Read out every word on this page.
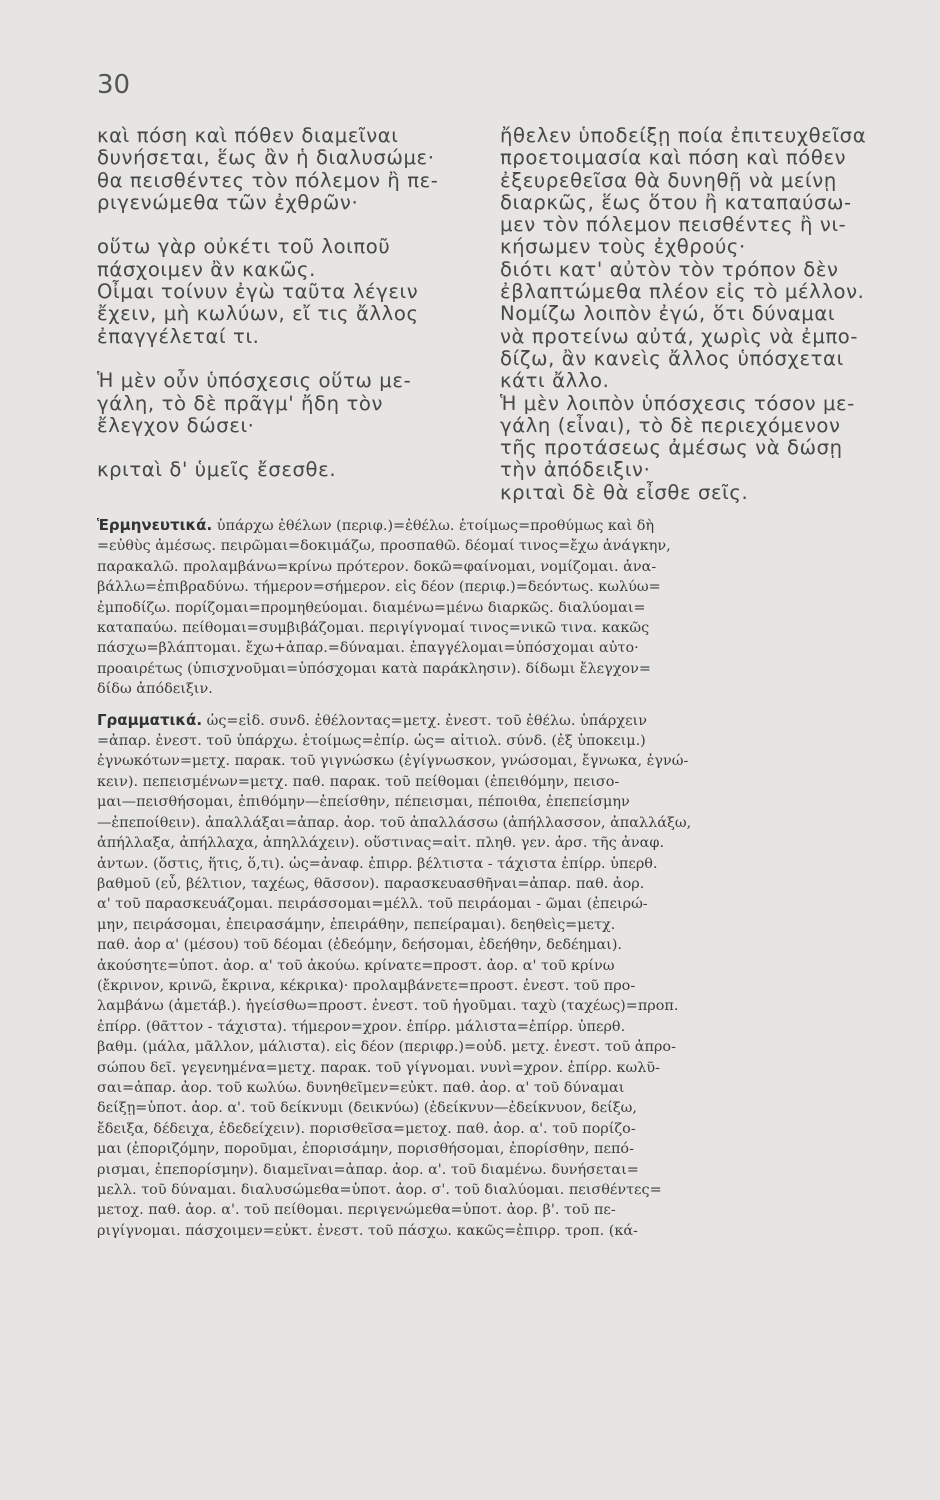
30
καὶ πόση καὶ πόθεν διαμεῖναι
δυνήσεται, ἕως ἂν ἡ διαλυσώμε·
θα πεισθέντες τὸν πόλεμον ἢ πε-
ριγενώμεθα τῶν ἐχθρῶν·
οὕτω γὰρ οὐκέτι τοῦ λοιποῦ
πάσχοιμεν ἂν κακῶς.
Οἶμαι τοίνυν ἐγὼ ταῦτα λέγειν
ἔχειν, μὴ κωλύων, εἴ τις ἄλλος
ἐπαγγέλεταί τι.
Ἡ μὲν οὖν ὑπόσχεσις οὕτω με-
γάλη, τὸ δὲ πρᾶγμ' ἤδη τὸν
ἔλεγχον δώσει·
κριταὶ δ' ὑμεῖς ἔσεσθε.
ἤθελεν ὑποδείξῃ ποία ἐπιτευχθεῖσα
προετοιμασία καὶ πόση καὶ πόθεν
ἐξευρεθεῖσα θὰ δυνηθῇ νὰ μείνῃ
διαρκῶς, ἕως ὅτου ἢ καταπαύσω-
μεν τὸν πόλεμον πεισθέντες ἢ νι-
κήσωμεν τοὺς ἐχθρούς·
διότι κατ' αὐτὸν τὸν τρόπον δὲν
ἐβλαπτώμεθα πλέον εἰς τὸ μέλλον.
Νομίζω λοιπὸν ἐγώ, ὅτι δύναμαι
νὰ προτείνω αὐτά, χωρὶς νὰ ἐμπο-
δίζω, ἂν κανεὶς ἄλλος ὑπόσχεται
κάτι ἄλλο.
Ἡ μὲν λοιπὸν ὑπόσχεσις τόσον με-
γάλη (εἶναι), τὸ δὲ περιεχόμενον
τῆς προτάσεως ἀμέσως νὰ δώσῃ
τὴν ἀπόδειξιν·
κριταὶ δὲ θὰ εἶσθε σεῖς.
Ἑρμηνευτικά. ὑπάρχω ἐθέλων (περιφ.)=ἐθέλω. ἑτοίμως=προθύμως καὶ δὴ
=εὐθὺς ἀμέσως. πειρῶμαι=δοκιμάζω, προσπαθῶ. δέομαί τινος=ἔχω ἀνάγκην,
παρακαλῶ. προλαμβάνω=κρίνω πρότερον. δοκῶ=φαίνομαι, νομίζομαι. ἀνα-
βάλλω=ἐπιβραδύνω. τήμερον=σήμερον. εἰς δέον (περιφ.)=δεόντως. κωλύω=
ἐμποδίζω. πορίζομαι=προμηθεύομαι. διαμένω=μένω διαρκῶς. διαλύομαι=
καταπαύω. πείθομαι=συμβιβάζομαι. περιγίγνομαί τινος=νικῶ τινα. κακῶς
πάσχω=βλάπτομαι. ἔχω+ἀπαρ.=δύναμαι. ἐπαγγέλομαι=ὑπόσχομαι αὐτο·
προαιρέτως (ὑπισχνοῦμαι=ὑπόσχομαι κατὰ παράκλησιν). δίδωμι ἔλεγχον=
δίδω ἀπόδειξιν.
Γραμματικά. ὡς=εἰδ. συνδ. ἐθέλοντας=μετχ. ἐνεστ. τοῦ ἐθέλω. ὑπάρχειν
=ἀπαρ. ἐνεστ. τοῦ ὑπάρχω. ἑτοίμως=ἐπίρ. ὡς= αἰτιολ. σύνδ. (ἐξ ὑποκειμ.)
ἐγνωκότων=μετχ. παρακ. τοῦ γιγνώσκω (ἐγίγνωσκον, γνώσομαι, ἔγνωκα, ἐγνώ-
κειν). πεπεισμένων=μετχ. παθ. παρακ. τοῦ πείθομαι (ἐπειθόμην, πεισο-
μαι—πεισθήσομαι, ἐπιθόμην—ἐπείσθην, πέπεισμαι, πέποιθα, ἐπεπείσμην
—ἐπεποίθειν). ἀπαλλάξαι=ἀπαρ. ἀορ. τοῦ ἀπαλλάσσω (ἀπήλλασσον, ἀπαλλάξω,
ἀπήλλαξα, ἀπήλλαχα, ἀπηλλάχειν). οὕστινας=αἰτ. πληθ. γεν. ἀρσ. τῆς ἀναφ.
ἀντων. (ὅστις, ἥτις, ὅ,τι). ὡς=ἀναφ. ἐπιρρ. βέλτιστα - τάχιστα ἐπίρρ. ὑπερθ.
βαθμοῦ (εὖ, βέλτιον, ταχέως, θᾶσσον). παρασκευασθῆναι=ἀπαρ. παθ. ἀορ.
α' τοῦ παρασκευάζομαι. πειράσσομαι=μέλλ. τοῦ πειράομαι - ῶμαι (ἐπειρώ-
μην, πειράσομαι, ἐπειρασάμην, ἐπειράθην, πεπείραμαι). δεηθεὶς=μετχ.
παθ. ἀορ α' (μέσου) τοῦ δέομαι (ἐδεόμην, δεήσομαι, ἐδεήθην, δεδέημαι).
ἀκούσητε=ὑποτ. ἀορ. α' τοῦ ἀκούω. κρίνατε=προστ. ἀορ. α' τοῦ κρίνω
(ἔκρινον, κρινῶ, ἔκρινα, κέκρικα)· προλαμβάνετε=προστ. ἐνεστ. τοῦ προ-
λαμβάνω (ἀμετάβ.). ἡγείσθω=προστ. ἐνεστ. τοῦ ἡγοῦμαι. ταχὺ (ταχέως)=προπ.
ἐπίρρ. (θᾶττον - τάχιστα). τήμερον=χρον. ἐπίρρ. μάλιστα=ἐπίρρ. ὑπερθ.
βαθμ. (μάλα, μᾶλλον, μάλιστα). εἰς δέον (περιφρ.)=οὐδ. μετχ. ἐνεστ. τοῦ ἀπρο-
σώπου δεῖ. γεγενημένα=μετχ. παρακ. τοῦ γίγνομαι. νυνὶ=χρον. ἐπίρρ. κωλῦ-
σαι=ἀπαρ. ἀορ. τοῦ κωλύω. δυνηθεῖμεν=εὐκτ. παθ. ἀορ. α' τοῦ δύναμαι
δείξῃ=ὑποτ. ἀορ. α'. τοῦ δείκνυμι (δεικνύω) (ἐδείκνυν—ἐδείκνυον, δείξω,
ἔδειξα, δέδειχα, ἐδεδείχειν). πορισθεῖσα=μετοχ. παθ. ἀορ. α'. τοῦ πορίζο-
μαι (ἐποριζόμην, ποροῦμαι, ἐπορισάμην, πορισθήσομαι, ἐπορίσθην, πεπό-
ρισμαι, ἐπεπορίσμην). διαμεῖναι=ἀπαρ. ἀορ. α'. τοῦ διαμένω. δυνήσεται=
μελλ. τοῦ δύναμαι. διαλυσώμεθα=ὑποτ. ἀορ. σ'. τοῦ διαλύομαι. πεισθέντες=
μετοχ. παθ. ἀορ. α'. τοῦ πείθομαι. περιγενώμεθα=ὑποτ. ἀορ. β'. τοῦ πε-
ριγίγνομαι. πάσχοιμεν=εὐκτ. ἐνεστ. τοῦ πάσχω. κακῶς=ἐπιρρ. τροπ. (κά-
